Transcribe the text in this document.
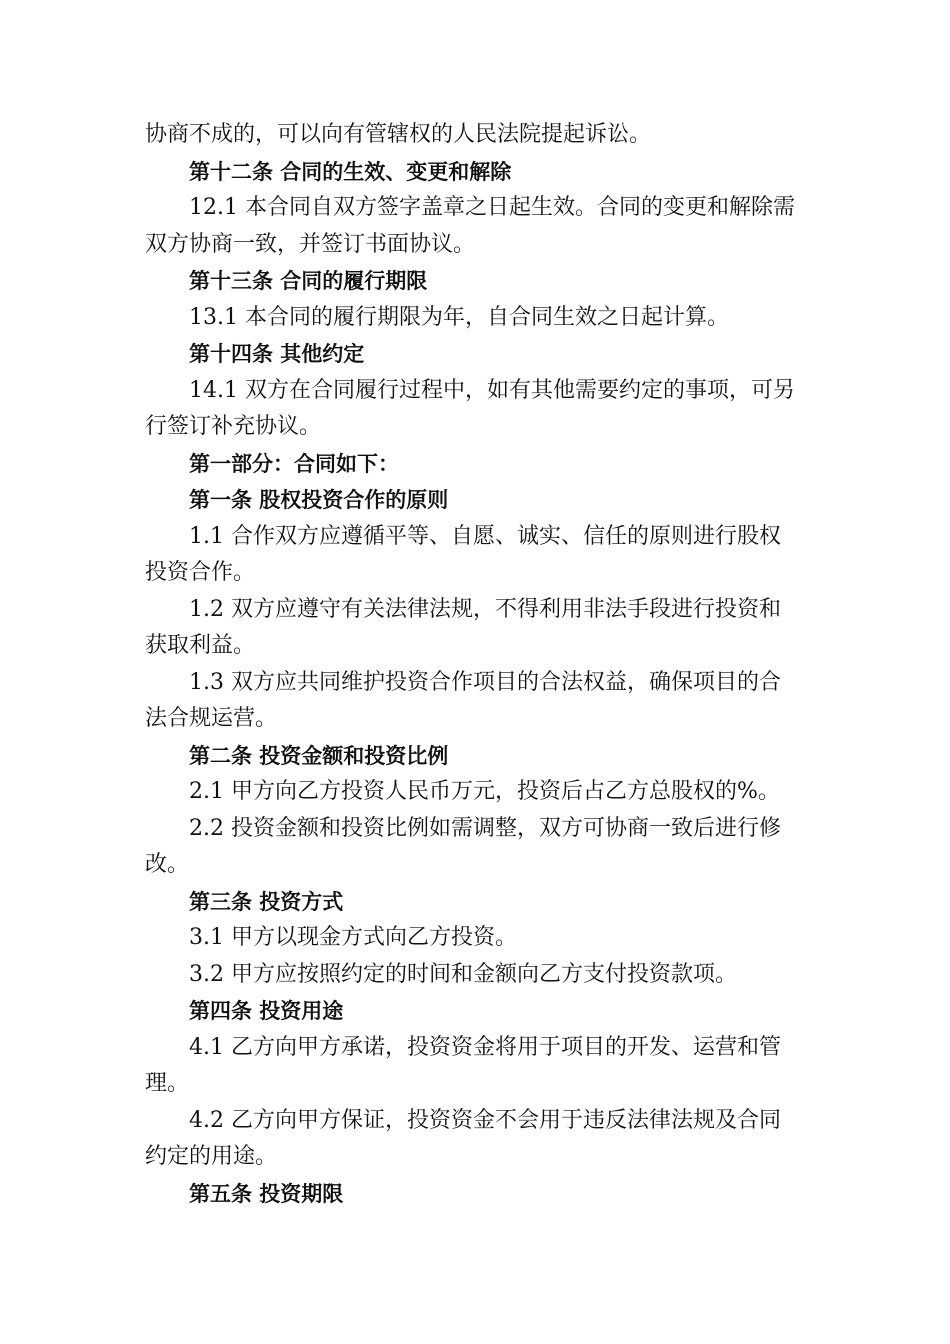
协商不成的，可以向有管辖权的人民法院提起诉讼。
第十二条 合同的生效、变更和解除
12.1 本合同自双方签字盖章之日起生效。合同的变更和解除需
双方协商一致，并签订书面协议。
第十三条 合同的履行期限
13.1 本合同的履行期限为年，自合同生效之日起计算。
第十四条 其他约定
14.1 双方在合同履行过程中，如有其他需要约定的事项，可另
行签订补充协议。
第一部分：合同如下：
第一条 股权投资合作的原则
1.1 合作双方应遵循平等、自愿、诚实、信任的原则进行股权
投资合作。
1.2 双方应遵守有关法律法规，不得利用非法手段进行投资和
获取利益。
1.3 双方应共同维护投资合作项目的合法权益，确保项目的合
法合规运营。
第二条 投资金额和投资比例
2.1 甲方向乙方投资人民币万元，投资后占乙方总股权的%。
2.2 投资金额和投资比例如需调整，双方可协商一致后进行修
改。
第三条 投资方式
3.1 甲方以现金方式向乙方投资。
3.2 甲方应按照约定的时间和金额向乙方支付投资款项。
第四条 投资用途
4.1 乙方向甲方承诺，投资资金将用于项目的开发、运营和管
理。
4.2 乙方向甲方保证，投资资金不会用于违反法律法规及合同
约定的用途。
第五条 投资期限
